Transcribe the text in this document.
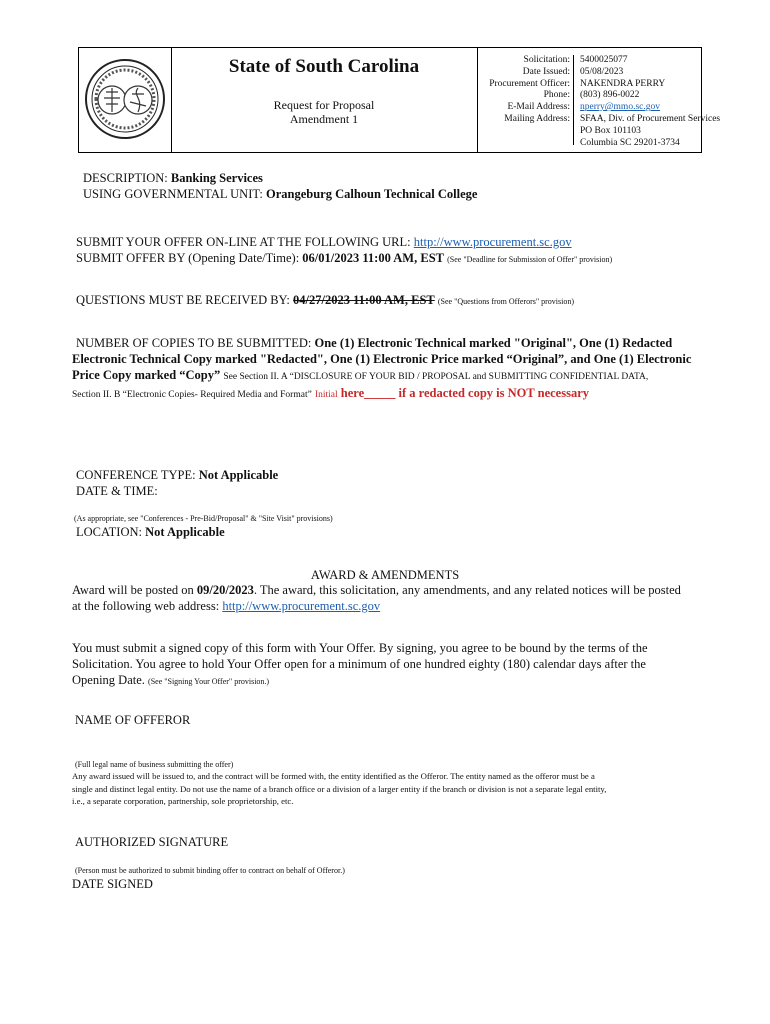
State of South Carolina
Request for Proposal
Amendment 1
Solicitation:
Date Issued:
Procurement Officer:
Phone:
E-Mail Address:
Mailing Address:
5400025077
05/08/2023
NAKENDRA PERRY
(803) 896-0022
nperry@mmo.sc.gov
SFAA, Div. of Procurement Services
PO Box 101103
Columbia SC 29201-3734
DESCRIPTION: Banking Services
USING GOVERNMENTAL UNIT: Orangeburg Calhoun Technical College
SUBMIT YOUR OFFER ON-LINE AT THE FOLLOWING URL: http://www.procurement.sc.gov
SUBMIT OFFER BY (Opening Date/Time): 06/01/2023 11:00 AM, EST (See "Deadline for Submission of Offer" provision)
QUESTIONS MUST BE RECEIVED BY: 04/27/2023 11:00 AM, EST (See "Questions from Offerors" provision)
NUMBER OF COPIES TO BE SUBMITTED: One (1) Electronic Technical marked "Original", One (1) Redacted
Electronic Technical Copy marked "Redacted", One (1) Electronic Price marked “Original”, and One (1) Electronic
Price Copy marked “Copy” See Section II. A “DISCLOSURE OF YOUR BID / PROPOSAL and SUBMITTING CONFIDENTIAL DATA,
Section II. B “Electronic Copies- Required Media and Format” Initial here_____ if a redacted copy is NOT necessary
CONFERENCE TYPE: Not Applicable
DATE & TIME:
(As appropriate, see "Conferences - Pre-Bid/Proposal" & "Site Visit" provisions)
LOCATION: Not Applicable
AWARD & AMENDMENTS
Award will be posted on 09/20/2023. The award, this solicitation, any amendments, and any related notices will be posted
at the following web address: http://www.procurement.sc.gov
You must submit a signed copy of this form with Your Offer. By signing, you agree to be bound by the terms of the
Solicitation. You agree to hold Your Offer open for a minimum of one hundred eighty (180) calendar days after the
Opening Date. (See "Signing Your Offer" provision.)
NAME OF OFFEROR
(Full legal name of business submitting the offer)
Any award issued will be issued to, and the contract will be formed with, the entity identified as the Offeror. The entity named as the offeror must be a
single and distinct legal entity. Do not use the name of a branch office or a division of a larger entity if the branch or division is not a separate legal entity,
i.e., a separate corporation, partnership, sole proprietorship, etc.
AUTHORIZED SIGNATURE
(Person must be authorized to submit binding offer to contract on behalf of Offeror.)
DATE SIGNED
